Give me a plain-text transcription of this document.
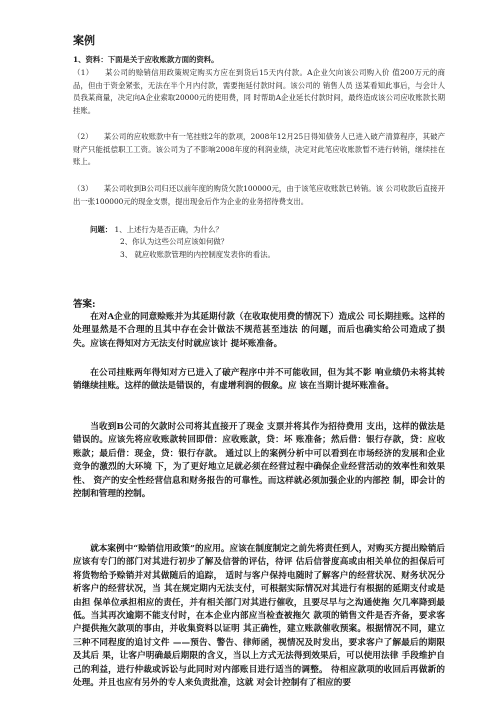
案例

1、资料：下面是关于应收账款方面的资料。

（1）　　某公司的赊销信用政策规定购买方应在到货后15天内付款。A企业欠向该公司购入价 值200万元的商品，但由于资金紧张，无法在半个月内付款，需要拖延付款时间。该公司的 销售人员 送某看知此事后，与会计人员我某商量，决定向A企业索取20000元的使用费，同 时帮助A企业延长付款时间，最终造成该公司应收账款长期挂账。

（2）　　某公司的应收账款中有一笔挂账2年的款项，2008年12月25日得知债务人已进入破产清算程序，其破产财产只能抵偿职工工资。该公司为了不影响2008年度的利润业绩，决定对此笔应收账款暂不进行转销，继续挂在账上。

（3）　　某公司收到B公司归还以前年度的购货欠款100000元，由于该笔应收账款已转销。该 公司收款后直接开出一张100000元的现金支票，提出现金后作为企业的业务招待费支出。

问题： 1、上述行为是否正确，为什么？
2、你认为这些公司应该如何做？
3、 就应收账款管理的内控制度发表你的看法。
答案:

在对A企业的同意赊账并为其延期付款（在收取使用费的情况下）造成公 司长期挂账。这样的处理显然是不合理的且其中存在会计做法不规范甚至违法 的问题，而后也确实给公司造成了损失。应该在得知对方无法支付时就应该计 提坏账准备。

在公司挂账两年得知对方已进入了破产程序中并不可能收回，但为其不影 响业绩仍未将其转销继续挂账。这样的做法是错误的，有虚增利润的假象。应 该在当期计提坏账准备。

当收到B公司的欠款时公司将其直接开了现金 支票并将其作为招待费用 支出，这样的做法是错误的。应该先将应收账款转回即借：应收账款，贷：坏 账准备；然后借：银行存款，贷：应收账款；最后借：现金，贷：银行存款。 通过以上的案例分析中可以看到在市场经济的发展和企业竞争的激烈的大环境 下，为了更好地立足就必须在经营过程中确保企业经营活动的效率性和效果性、 资产的安全性经营信息和财务报告的可靠性。而这样就必须加强企业的内部控 制，即会计的控制和管理的控制。

就本案例中“赊销信用政策”的应用。应该在制度制定之前先将责任到人，对购买方提出赊销后应该有专门的部门对其进行初步了解及信誉的评估，待评 估后信誉度高或由相关单位的担保后可将货物给予赊销并对其做随后的追踪， 适时与客户保持电随时了解客户的经营状况、财务状况分析客户的经营状况，当 其在规定期内无法支付，可根据实际情况对其进行有根据的延期支付或是由担 保单位承担相应的责任，并有相关部门对其进行催收，且要尽早与之沟通使拖 欠几率降到最低。当其再次逾期不能支付时，在本企业内部应当检查被拖欠 款项的销售文件是否齐备，要求客户提供拖欠款项的事由，并收集资料以证明 其正确性，建立账款催收预案。根据情况不同，建立三种不同程度的追讨文件 ——预告、警告、律师函，视情况及时发出，要求客户了解最后的期限及其后 果，让客户明确最后期限的含义，当以上方式无法得到效果后，可以使用法律 手段维护自己的利益，进行仲裁或诉讼与此同时对内部账目进行适当的调整。 待相应款项的收回后再做新的处理。并且也应有另外的专人来负责批准，这就 对会计控制有了相应的要
